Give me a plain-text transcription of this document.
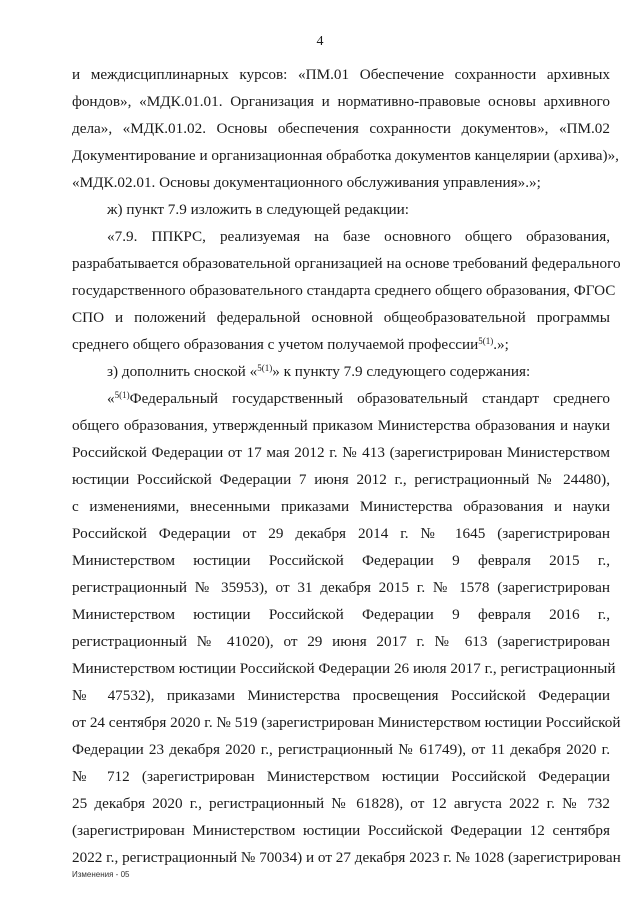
4
и междисциплинарных курсов: «ПМ.01 Обеспечение сохранности архивных
фондов», «МДК.01.01. Организация и нормативно-правовые основы архивного
дела», «МДК.01.02. Основы обеспечения сохранности документов», «ПМ.02
Документирование и организационная обработка документов канцелярии (архива)»,
«МДК.02.01. Основы документационного обслуживания управления».»;
ж) пункт 7.9 изложить в следующей редакции:
«7.9. ППКРС, реализуемая на базе основного общего образования,
разрабатывается образовательной организацией на основе требований федерального
государственного образовательного стандарта среднего общего образования, ФГОС
СПО и положений федеральной основной общеобразовательной программы
среднего общего образования с учетом получаемой профессии$^{5(1)}$.»;
з) дополнить сноской «$^{5(1)}$» к пункту 7.9 следующего содержания:
«$^{5(1)}$Федеральный государственный образовательный стандарт среднего
общего образования, утвержденный приказом Министерства образования и науки
Российской Федерации от 17 мая 2012 г. № 413 (зарегистрирован Министерством
юстиции Российской Федерации 7 июня 2012 г., регистрационный № 24480),
с изменениями, внесенными приказами Министерства образования и науки
Российской Федерации от 29 декабря 2014 г. № 1645 (зарегистрирован
Министерством юстиции Российской Федерации 9 февраля 2015 г.,
регистрационный № 35953), от 31 декабря 2015 г. № 1578 (зарегистрирован
Министерством юстиции Российской Федерации 9 февраля 2016 г.,
регистрационный № 41020), от 29 июня 2017 г. № 613 (зарегистрирован
Министерством юстиции Российской Федерации 26 июля 2017 г., регистрационный
№ 47532), приказами Министерства просвещения Российской Федерации
от 24 сентября 2020 г. № 519 (зарегистрирован Министерством юстиции Российской
Федерации 23 декабря 2020 г., регистрационный № 61749), от 11 декабря 2020 г.
№ 712 (зарегистрирован Министерством юстиции Российской Федерации
25 декабря 2020 г., регистрационный № 61828), от 12 августа 2022 г. № 732
(зарегистрирован Министерством юстиции Российской Федерации 12 сентября
2022 г., регистрационный № 70034) и от 27 декабря 2023 г. № 1028 (зарегистрирован
Изменения - 05
